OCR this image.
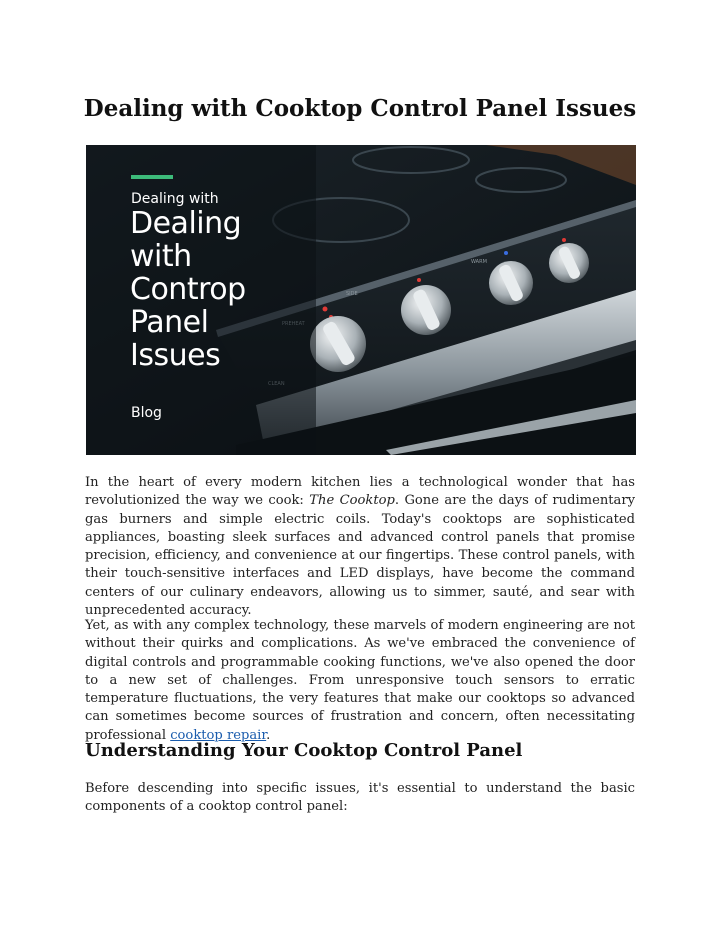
Dealing with Cooktop Control Panel Issues
SIDE
WARM
Dealing with
Dealing
with
Controp
Panel
Issues
Blog

In the heart of every modern kitchen lies a technological wonder that has revolutionized the way we cook: The Cooktop. Gone are the days of rudimentary gas burners and simple electric coils. Today's cooktops are sophisticated appliances, boasting sleek surfaces and advanced control panels that promise precision, efficiency, and convenience at our fingertips. These control panels, with their touch-sensitive interfaces and LED displays, have become the command centers of our culinary endeavors, allowing us to simmer, sauté, and sear with unprecedented accuracy.

Yet, as with any complex technology, these marvels of modern engineering are not without their quirks and complications. As we've embraced the convenience of digital controls and programmable cooking functions, we've also opened the door to a new set of challenges. From unresponsive touch sensors to erratic temperature fluctuations, the very features that make our cooktops so advanced can sometimes become sources of frustration and concern, often necessitating professional cooktop repair.

Understanding Your Cooktop Control Panel

Before descending into specific issues, it's essential to understand the basic components of a cooktop control panel:
